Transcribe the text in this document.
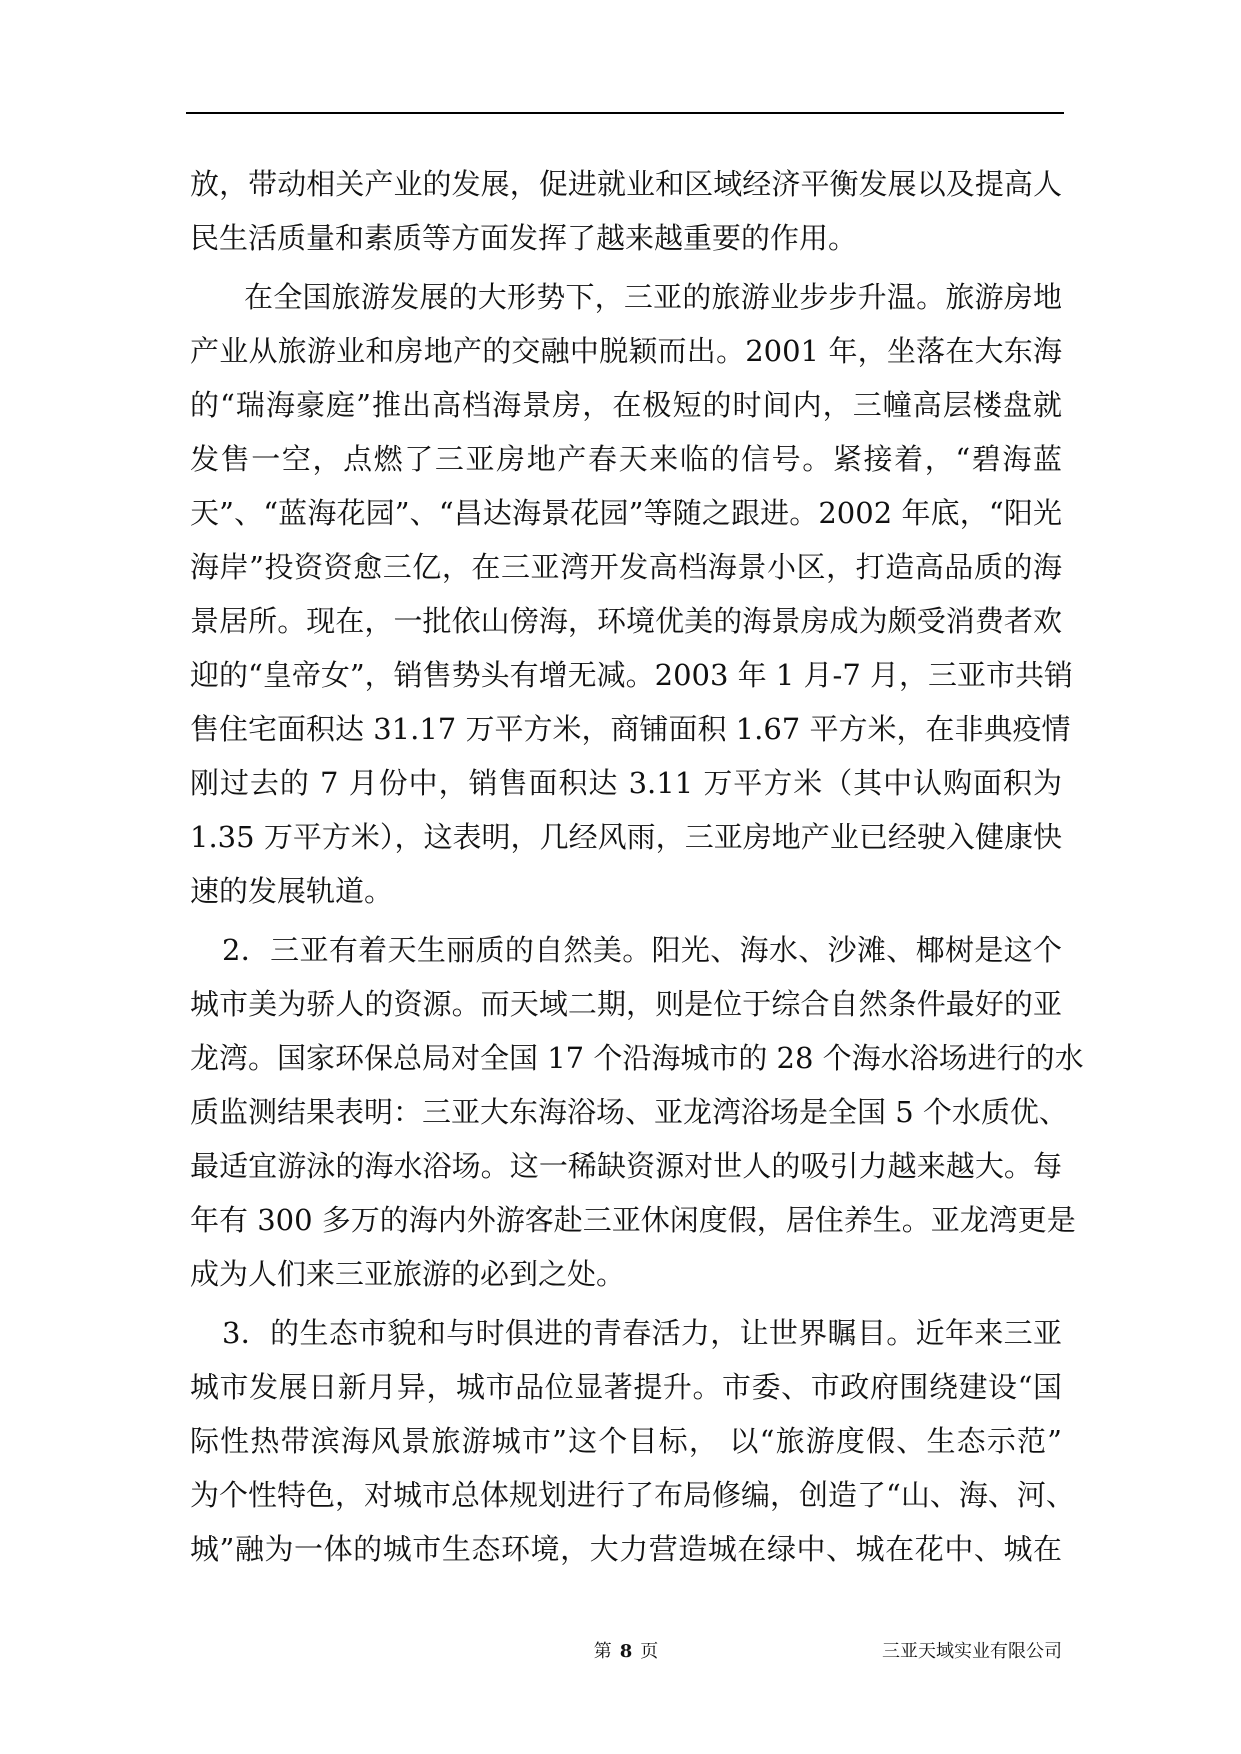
放，带动相关产业的发展，促进就业和区域经济平衡发展以及提高人
民生活质量和素质等方面发挥了越来越重要的作用。
在全国旅游发展的大形势下，三亚的旅游业步步升温。旅游房地
产业从旅游业和房地产的交融中脱颖而出。2001 年，坐落在大东海
的“瑞海豪庭”推出高档海景房，在极短的时间内，三幢高层楼盘就
发售一空，点燃了三亚房地产春天来临的信号。紧接着，“碧海蓝
天”、“蓝海花园”、“昌达海景花园”等随之跟进。2002 年底，“阳光
海岸”投资资愈三亿，在三亚湾开发高档海景小区，打造高品质的海
景居所。现在，一批依山傍海，环境优美的海景房成为颇受消费者欢
迎的“皇帝女”，销售势头有增无减。2003 年 1 月-7 月，三亚市共销
售住宅面积达 31.17 万平方米，商铺面积 1.67 平方米，在非典疫情
刚过去的 7 月份中，销售面积达 3.11 万平方米（其中认购面积为
1.35 万平方米），这表明，几经风雨，三亚房地产业已经驶入健康快
速的发展轨道。
2．三亚有着天生丽质的自然美。阳光、海水、沙滩、椰树是这个
城市美为骄人的资源。而天域二期，则是位于综合自然条件最好的亚
龙湾。国家环保总局对全国 17 个沿海城市的 28 个海水浴场进行的水
质监测结果表明：三亚大东海浴场、亚龙湾浴场是全国 5 个水质优、
最适宜游泳的海水浴场。这一稀缺资源对世人的吸引力越来越大。每
年有 300 多万的海内外游客赴三亚休闲度假，居住养生。亚龙湾更是
成为人们来三亚旅游的必到之处。
3．的生态市貌和与时俱进的青春活力，让世界瞩目。近年来三亚
城市发展日新月异，城市品位显著提升。市委、市政府围绕建设“国
际性热带滨海风景旅游城市”这个目标， 以“旅游度假、生态示范”
为个性特色，对城市总体规划进行了布局修编，创造了“山、海、河、
城”融为一体的城市生态环境，大力营造城在绿中、城在花中、城在
第 8 页	三亚天域实业有限公司
